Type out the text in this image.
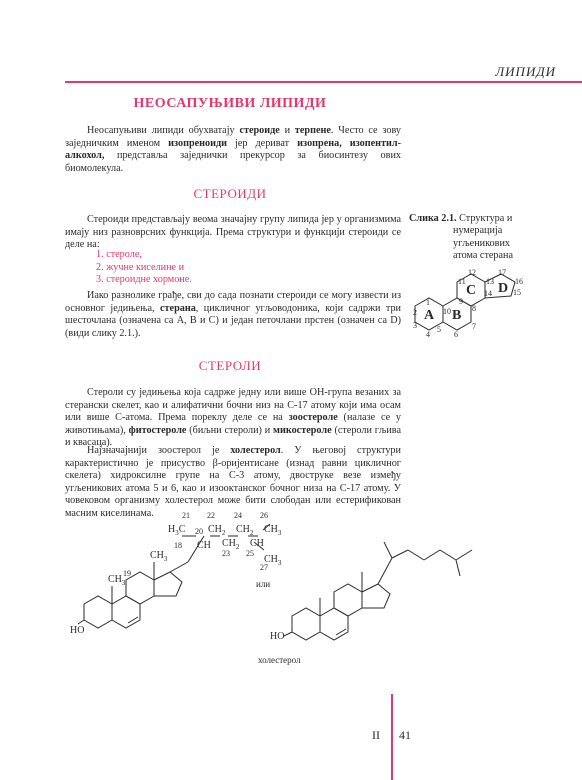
ЛИПИДИ
НЕОСАПУЊИВИ ЛИПИДИ

Неосапуњиви липиди обухватају стероиде и терпене. Често се зову заједничким именом изопреноиди јер дериват изопрена, изопентил-алкохол, представља заједнички прекурсор за биосинтезу ових биомолекула.

СТЕРОИДИ

Стероиди представљају веома значајну групу липида јер у организмима имају низ разноврсних функција. Према структури и функцији стероиди се деле на:

1. стероле,
2. жучне киселине и
3. стероидне хормоне.

Иако разноликe грађе, сви до сада познати стероиди се могу извести из основног једињења, стерана, цикличног угљоводоника, који садржи три шесточлана (означена са А, В и С) и један петочлани прстен (означен са D) (види слику 2.1.).

Слика 2.1. Структура и
нумерација угљеникових атома стерана
A B
C D
1
2
3
4
5
6
7
8
9
10
11
12
13
14	15
16
17
СТЕРОЛИ

Стероли су једињења која садрже једну или више OH-група везаних за стерански скелет, као и алифатични бочни низ на C-17 атому који има осам или више C-атома. Према пореклу деле се на зоостероле (налазе се у животињама), фитостероле (биљни стероли) и микостероле (стероли гљива и квасаца).

Најзначајнији зоостерол је холестерол. У његовој структури карактеристично је присуство β-оријентисане (изнад равни цикличног скелета) хидроксилне групе на C-3 атому, двоструке везе између угљеникових атома 5 и 6, као и изооктанског бочног низа на C-17 атому. У човековом организму холестерол може бити слободан или естерификован масним киселинама.

HO
$CH_3$
$CH_3$
$H_3C$
CH
$CH_2$
$CH_2$
$CH_2$
CH
$CH_3$
$CH_3$
19
18
20
21 22
23
24
25
26
27
или
HO
холестерол
II 41
